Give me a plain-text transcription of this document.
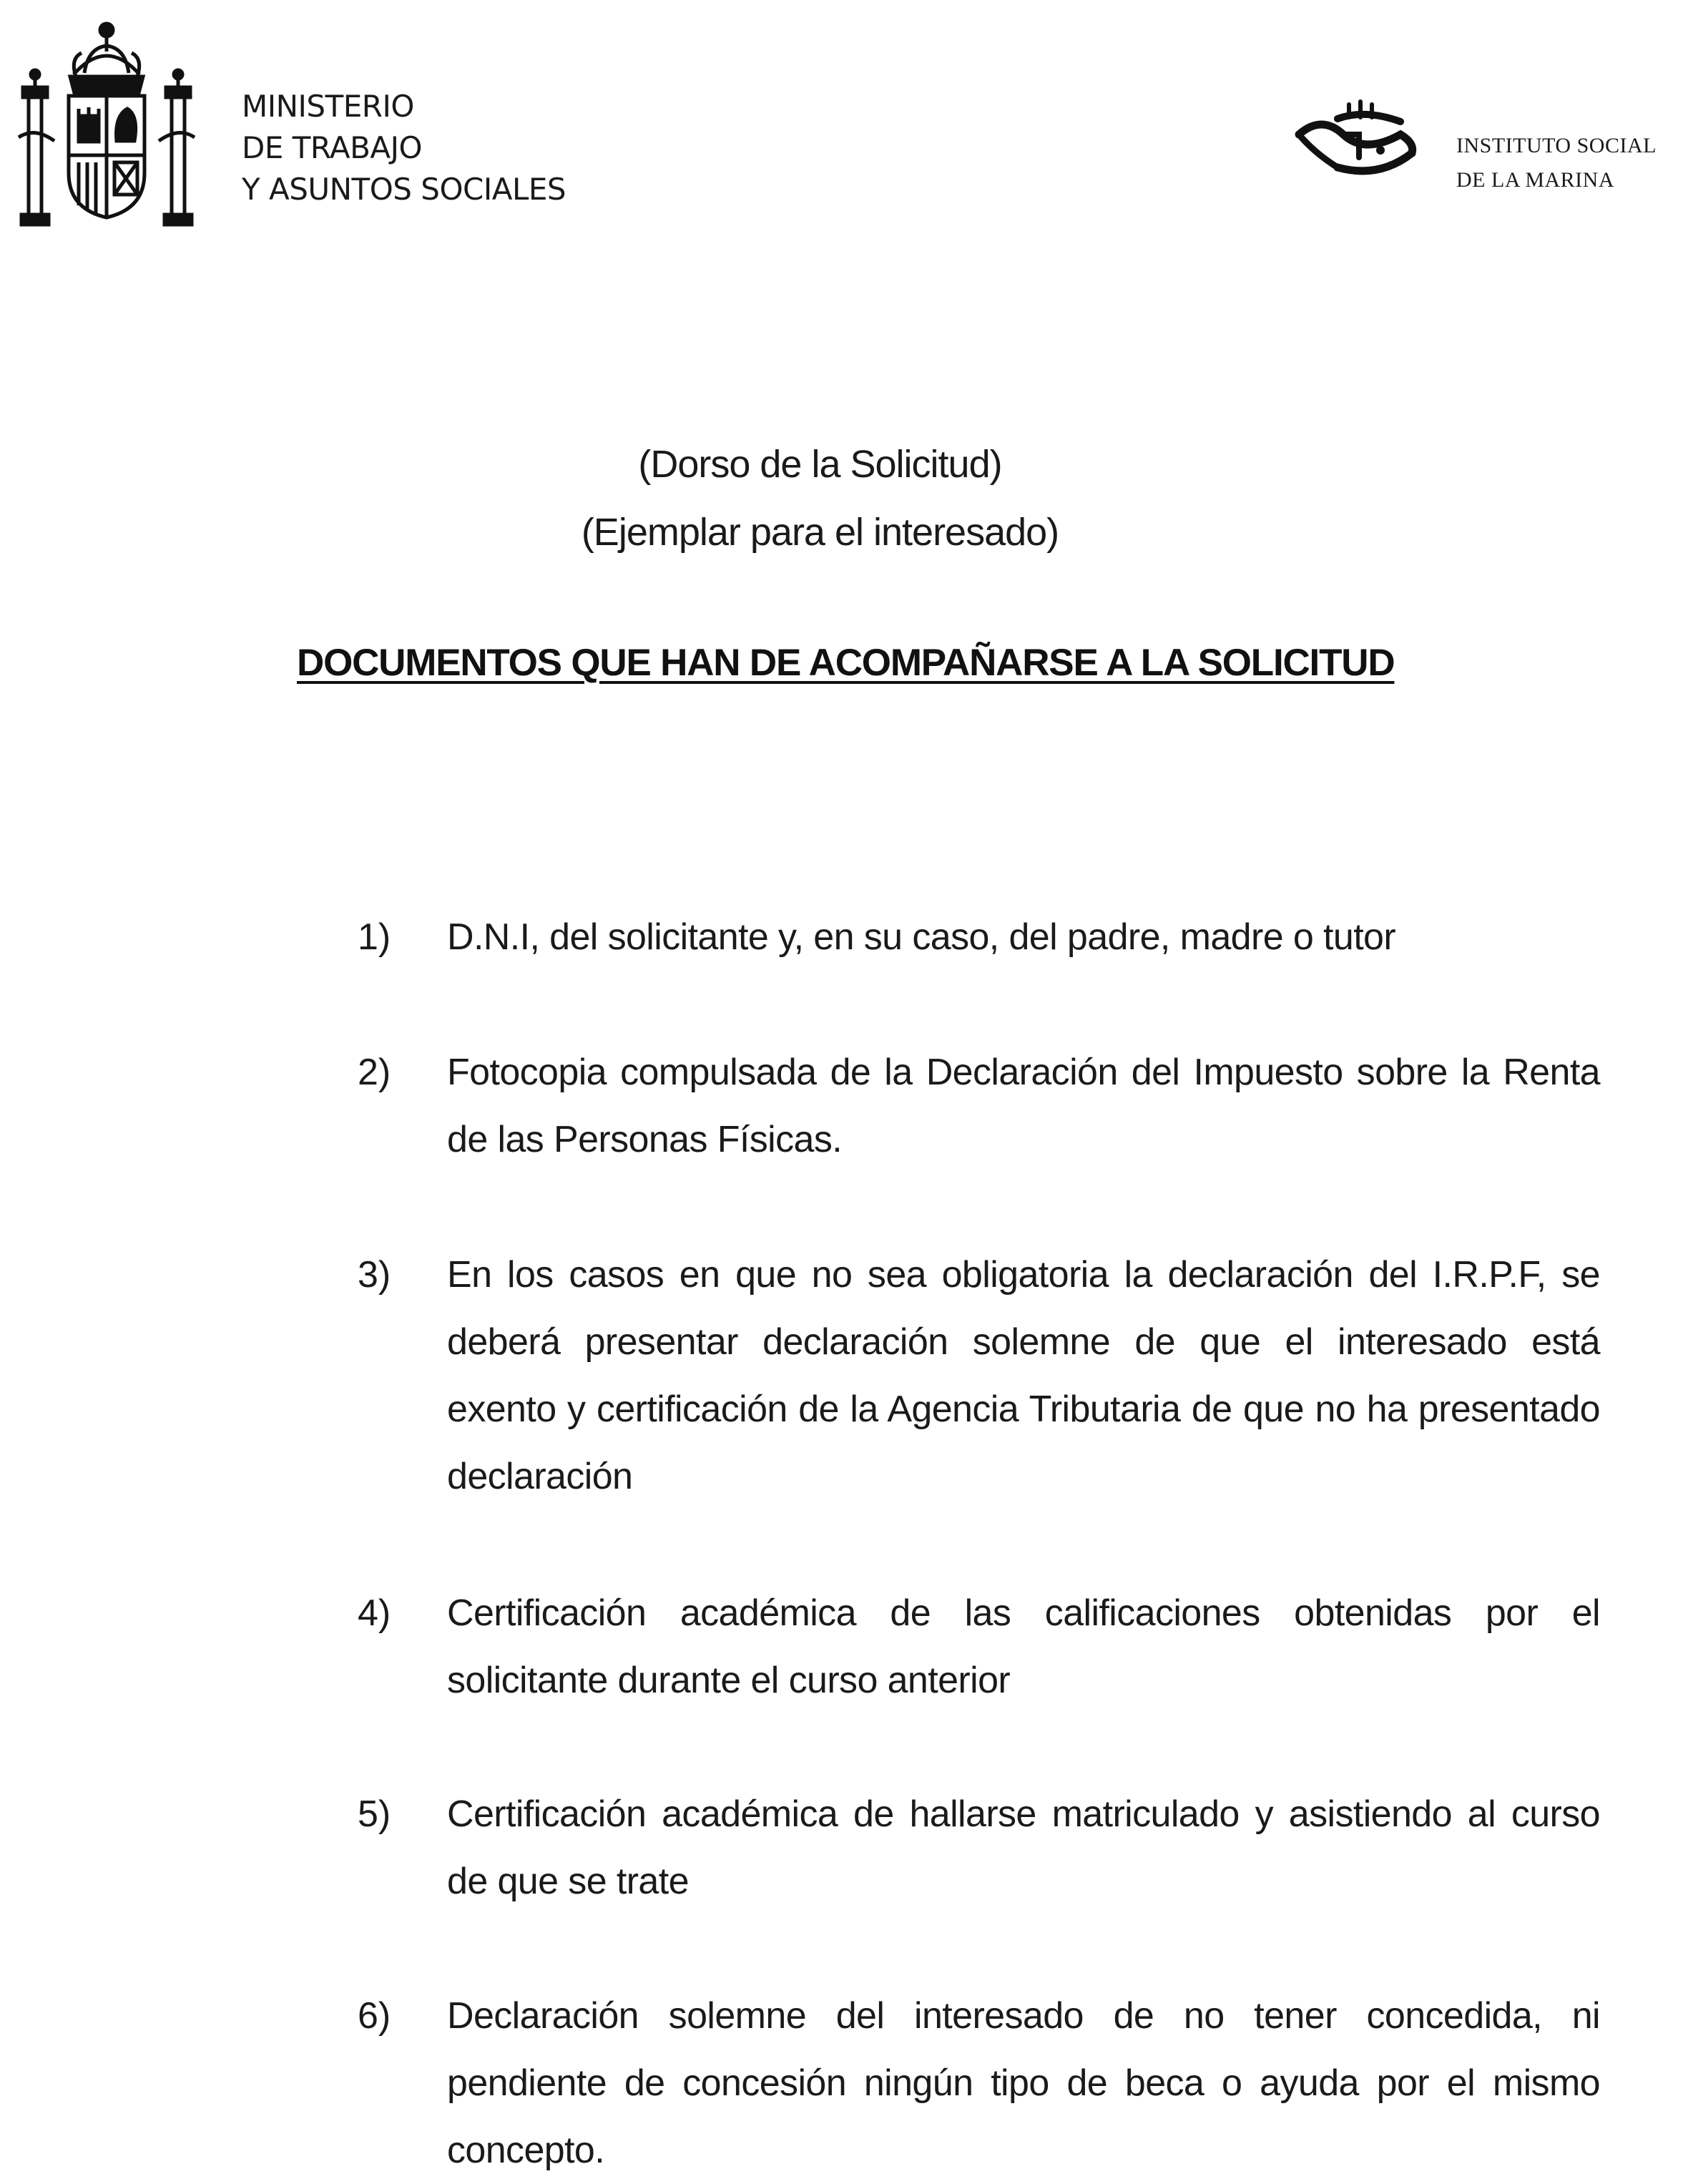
MINISTERIO
DE TRABAJO
Y ASUNTOS SOCIALES
INSTITUTO SOCIAL
DE LA MARINA
(Dorso de la Solicitud)
(Ejemplar para el interesado)
DOCUMENTOS QUE HAN DE ACOMPAÑARSE A LA SOLICITUD
1) D.N.I, del solicitante y, en su caso, del padre, madre o tutor
2) Fotocopia compulsada de la Declaración del Impuesto sobre la Renta de las Personas Físicas.
3) En los casos en que no sea obligatoria la declaración del I.R.P.F, se deberá presentar declaración solemne de que el interesado está exento y certificación de la Agencia Tributaria de que no ha presentado declaración
4) Certificación académica de las calificaciones obtenidas por el solicitante durante el curso anterior
5) Certificación académica de hallarse matriculado y asistiendo al curso de que se trate
6) Declaración solemne del interesado de no tener concedida, ni pendiente de concesión ningún tipo de beca o ayuda por el mismo concepto.
